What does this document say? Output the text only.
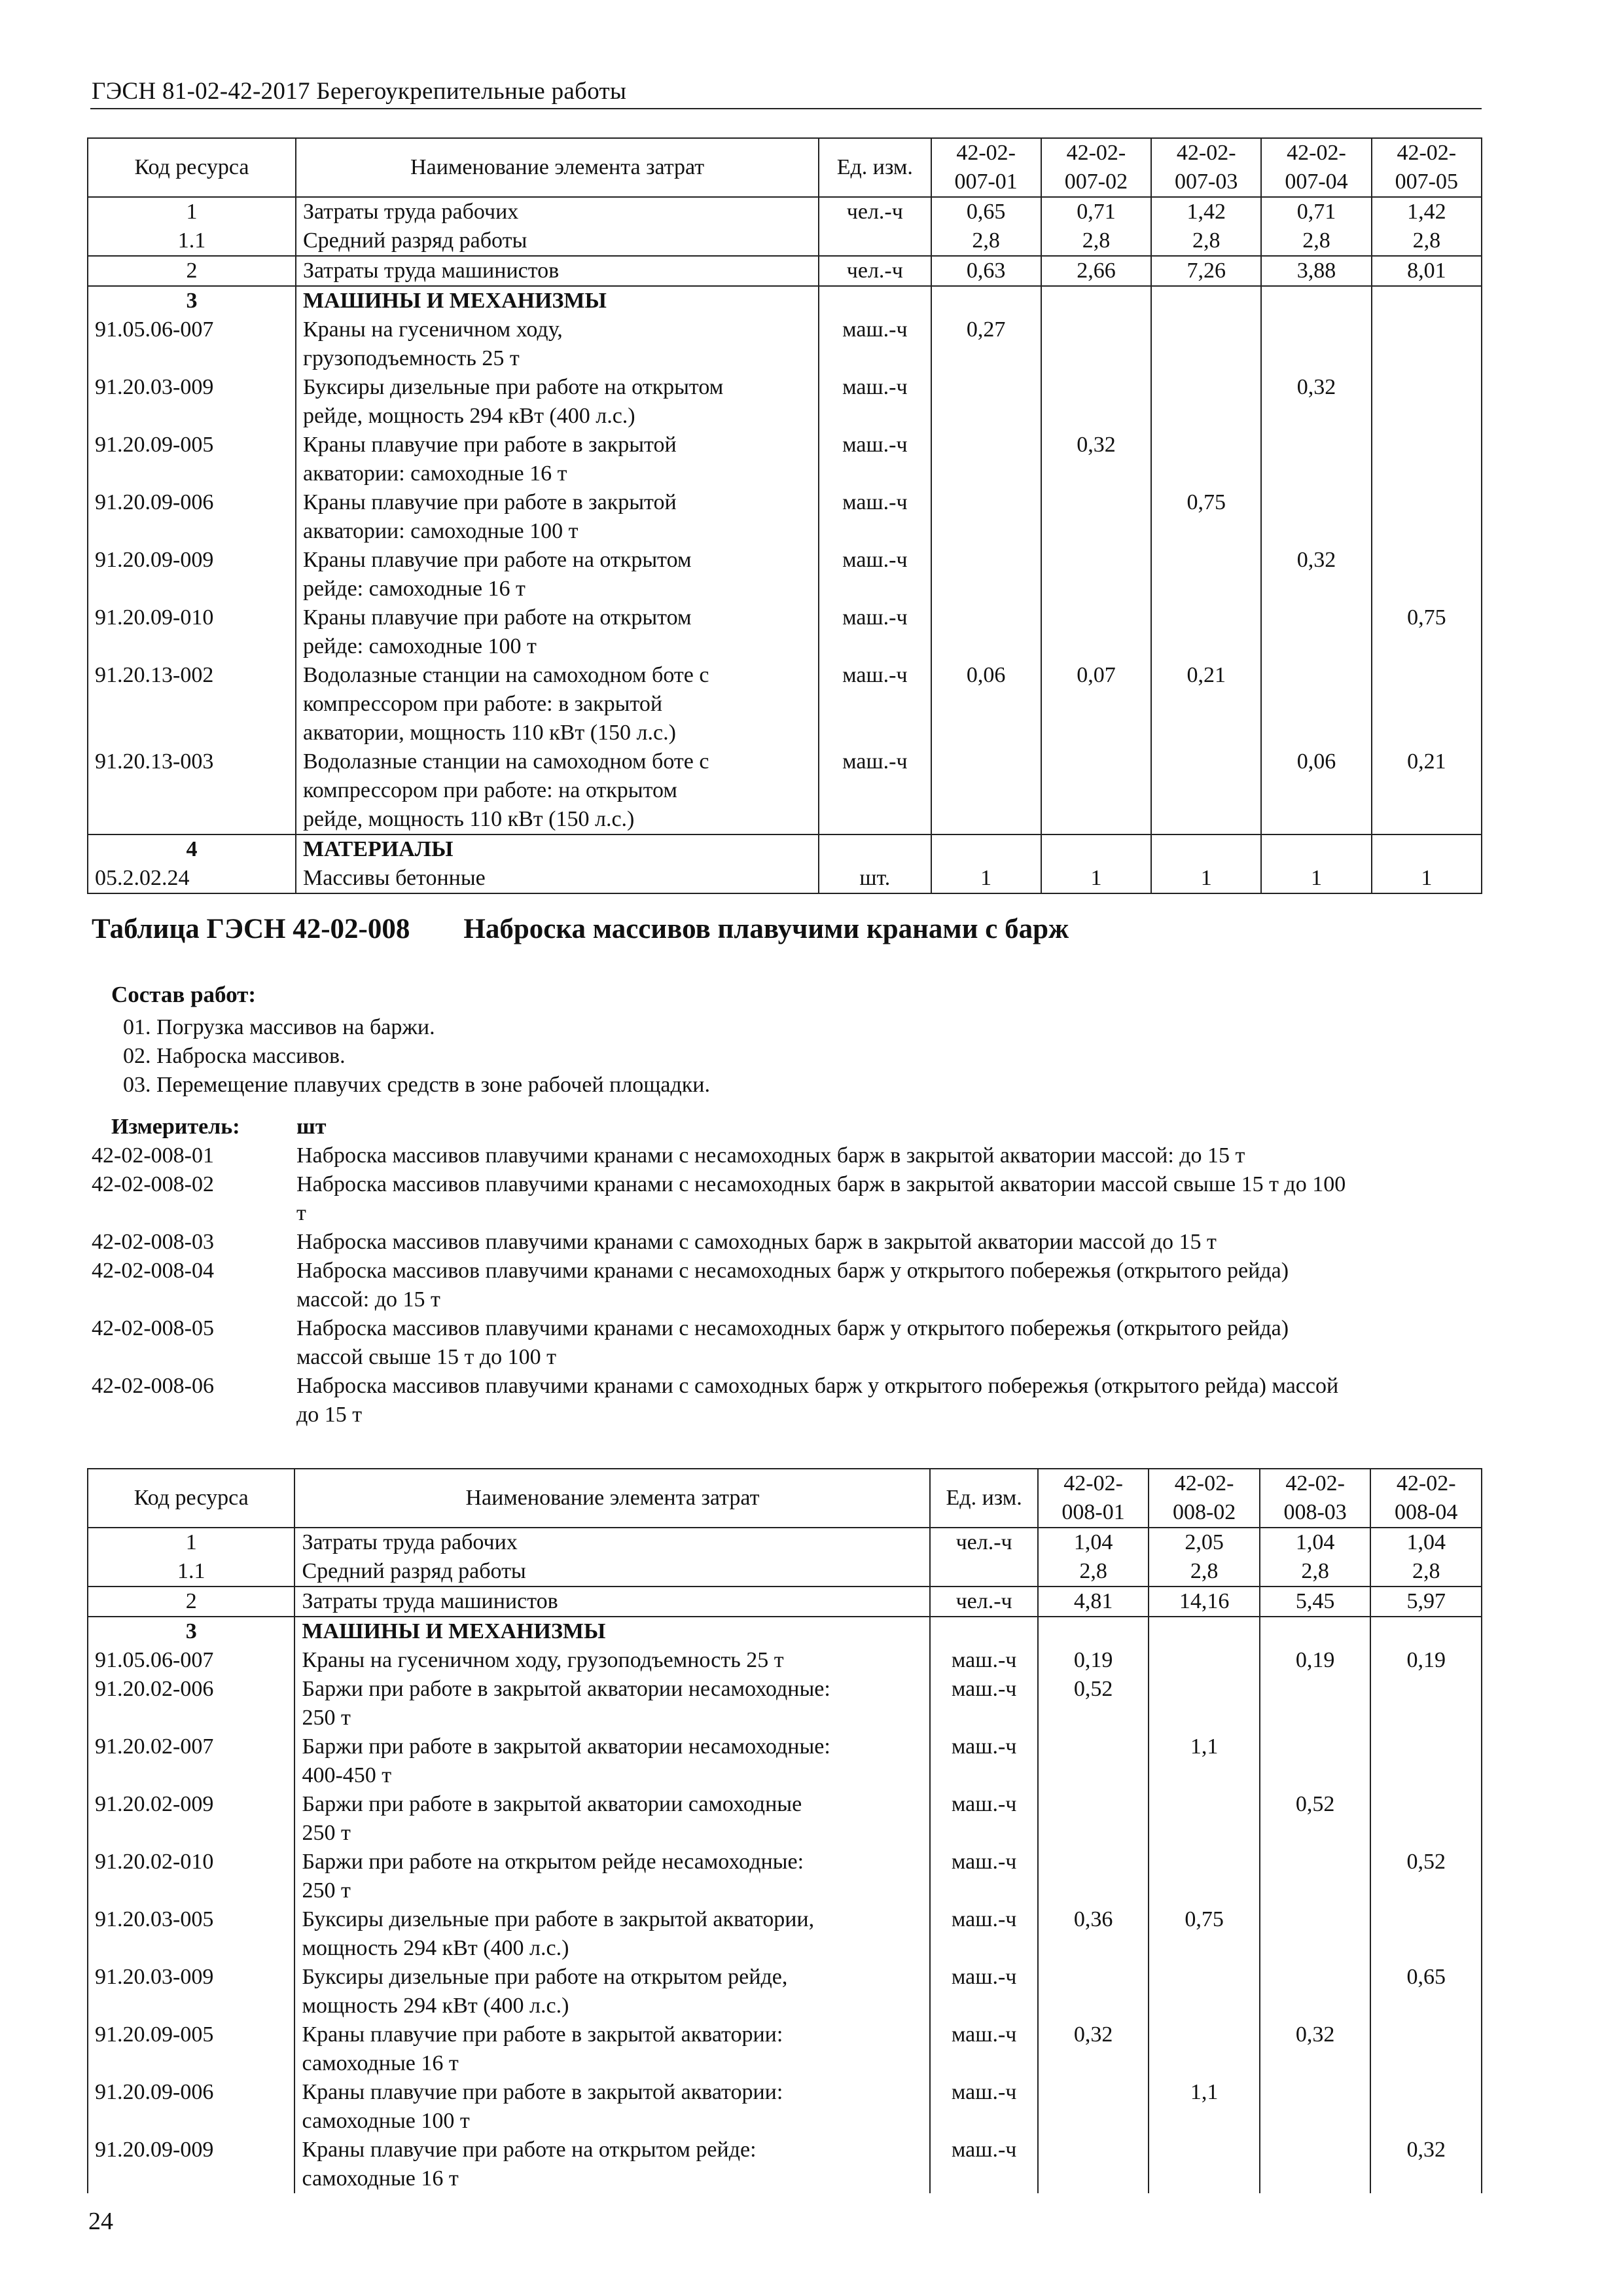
ГЭСН 81-02-42-2017 Берегоукрепительные работы
Код ресурса	Наименование элемента затрат	Ед. изм.	42-02-
007-01	42-02-
007-02	42-02-
007-03	42-02-
007-04	42-02-
007-05
1	Затраты труда рабочих	чел.-ч	0,65	0,71	1,42	0,71	1,42
1.1	Средний разряд работы		2,8	2,8	2,8	2,8	2,8
2	Затраты труда машинистов	чел.-ч	0,63	2,66	7,26	3,88	8,01
3	МАШИНЫ И МЕХАНИЗМЫ						

91.05.06-007	Краны на гусеничном ходу,
грузоподъемность 25 т	маш.-ч	0,27				
91.20.03-009	Буксиры дизельные при работе на открытом
рейде, мощность 294 кВт (400 л.с.)	маш.-ч				0,32	
91.20.09-005	Краны плавучие при работе в закрытой
акватории: самоходные 16 т	маш.-ч		0,32			
91.20.09-006	Краны плавучие при работе в закрытой
акватории: самоходные 100 т	маш.-ч			0,75		
91.20.09-009	Краны плавучие при работе на открытом
рейде: самоходные 16 т	маш.-ч				0,32	
91.20.09-010	Краны плавучие при работе на открытом
рейде: самоходные 100 т	маш.-ч					0,75
91.20.13-002	Водолазные станции на самоходном боте с
компрессором при работе: в закрытой
акватории, мощность 110 кВт (150 л.с.)	маш.-ч	0,06	0,07	0,21		
91.20.13-003	Водолазные станции на самоходном боте с
компрессором при работе: на открытом
рейде, мощность 110 кВт (150 л.с.)	маш.-ч				0,06	0,21
4	МАТЕРИАЛЫ						

05.2.02.24	Массивы бетонные	шт.	1	1	1	1	1
Таблица ГЭСН 42-02-008 Наброска массивов плавучими кранами с барж
Состав работ:
01. Погрузка массивов на баржи.
02. Наброска массивов.
03. Перемещение плавучих средств в зоне рабочей площадки.
Измеритель:	шт
42-02-008-01	Наброска массивов плавучими кранами с несамоходных барж в закрытой акватории массой: до 15 т
42-02-008-02	Наброска массивов плавучими кранами с несамоходных барж в закрытой акватории массой свыше 15 т до 100
т
42-02-008-03	Наброска массивов плавучими кранами с самоходных барж в закрытой акватории массой до 15 т
42-02-008-04	Наброска массивов плавучими кранами с несамоходных барж у открытого побережья (открытого рейда)
массой: до 15 т
42-02-008-05	Наброска массивов плавучими кранами с несамоходных барж у открытого побережья (открытого рейда)
массой свыше 15 т до 100 т
42-02-008-06	Наброска массивов плавучими кранами с самоходных барж у открытого побережья (открытого рейда) массой
до 15 т
Код ресурса	Наименование элемента затрат	Ед. изм.	42-02-
008-01	42-02-
008-02	42-02-
008-03	42-02-
008-04
1	Затраты труда рабочих	чел.-ч	1,04	2,05	1,04	1,04
1.1	Средний разряд работы		2,8	2,8	2,8	2,8
2	Затраты труда машинистов	чел.-ч	4,81	14,16	5,45	5,97
3	МАШИНЫ И МЕХАНИЗМЫ					

91.05.06-007	Краны на гусеничном ходу, грузоподъемность 25 т	маш.-ч	0,19		0,19	0,19
91.20.02-006	Баржи при работе в закрытой акватории несамоходные:
250 т	маш.-ч	0,52			
91.20.02-007	Баржи при работе в закрытой акватории несамоходные:
400-450 т	маш.-ч		1,1		
91.20.02-009	Баржи при работе в закрытой акватории самоходные
250 т	маш.-ч			0,52	
91.20.02-010	Баржи при работе на открытом рейде несамоходные:
250 т	маш.-ч				0,52
91.20.03-005	Буксиры дизельные при работе в закрытой акватории,
мощность 294 кВт (400 л.с.)	маш.-ч	0,36	0,75		
91.20.03-009	Буксиры дизельные при работе на открытом рейде,
мощность 294 кВт (400 л.с.)	маш.-ч				0,65
91.20.09-005	Краны плавучие при работе в закрытой акватории:
самоходные 16 т	маш.-ч	0,32		0,32	
91.20.09-006	Краны плавучие при работе в закрытой акватории:
самоходные 100 т	маш.-ч		1,1		
91.20.09-009	Краны плавучие при работе на открытом рейде:
самоходные 16 т	маш.-ч				0,32
24
